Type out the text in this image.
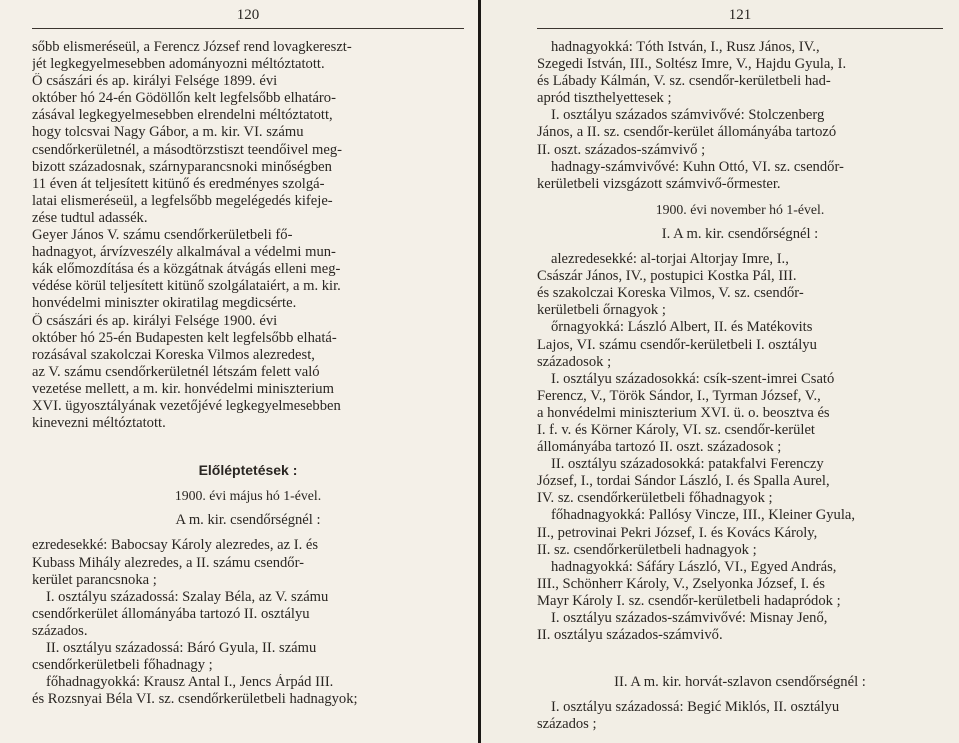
120
sőbb elismeréseül, a Ferencz József rend lovagkereszt-
jét legkegyelmesebben adományozni méltóztatott.
Ő császári és ap. királyi Felsége 1899. évi
október hó 24-én Gödöllőn kelt legfelsőbb elhatáro-
zásával legkegyelmesebben elrendelni méltóztatott,
hogy tolcsvai Nagy Gábor, a m. kir. VI. számu
csendőrkerületnél, a másodtörzstiszt teendőivel meg-
bizott századosnak, szárnyparancsnoki minőségben
11 éven át teljesített kitünő és eredményes szolgá-
latai elismeréseül, a legfelsőbb megelégedés kifeje-
zése tudtul adassék.
Geyer János V. számu csendőrkerületbeli fő-
hadnagyot, árvízveszély alkalmával a védelmi mun-
kák előmozdítása és a közgátnak átvágás elleni meg-
védése körül teljesített kitünő szolgálataiért, a m. kir.
honvédelmi miniszter okiratilag megdicsérte.
Ő császári és ap. királyi Felsége 1900. évi
október hó 25-én Budapesten kelt legfelsőbb elhatá-
rozásával szakolczai Koreska Vilmos alezredest,
az V. számu csendőrkerületnél létszám felett való
vezetése mellett, a m. kir. honvédelmi miniszterium
XVI. ügyosztályának vezetőjévé legkegyelmesebben
kinevezni méltóztatott.
Előléptetések :
1900. évi május hó 1-ével.
A m. kir. csendőrségnél :
ezredesekké: Babocsay Károly alezredes, az I. és
Kubass Mihály alezredes, a II. számu csendőr-
kerület parancsnoka ;
I. osztályu századossá: Szalay Béla, az V. számu
csendőrkerület állományába tartozó II. osztályu
százados.
II. osztályu századossá: Báró Gyula, II. számu
csendőrkerületbeli főhadnagy ;
főhadnagyokká: Krausz Antal I., Jencs Árpád III.
és Rozsnyai Béla VI. sz. csendőrkerületbeli hadnagyok;
121
hadnagyokká: Tóth István, I., Rusz János, IV.,
Szegedi István, III., Soltész Imre, V., Hajdu Gyula, I.
és Lábady Kálmán, V. sz. csendőr-kerületbeli had-
apród tiszthelyettesek ;
I. osztályu százados számvivővé: Stolczenberg
János, a II. sz. csendőr-kerület állományába tartozó
II. oszt. százados-számvivő ;
hadnagy-számvivővé: Kuhn Ottó, VI. sz. csendőr-
kerületbeli vizsgázott számvivő-őrmester.
1900. évi november hó 1-ével.
I. A m. kir. csendőrségnél :
alezredesekké: al-torjai Altorjay Imre, I.,
Császár János, IV., postupici Kostka Pál, III.
és szakolczai Koreska Vilmos, V. sz. csendőr-
kerületbeli őrnagyok ;
őrnagyokká: László Albert, II. és Matékovits
Lajos, VI. számu csendőr-kerületbeli I. osztályu
századosok ;
I. osztályu századosokká: csík-szent-imrei Csató
Ferencz, V., Török Sándor, I., Tyrman József, V.,
a honvédelmi miniszterium XVI. ü. o. beosztva és
I. f. v. és Körner Károly, VI. sz. csendőr-kerület
állományába tartozó II. oszt. századosok ;
II. osztályu századosokká: patakfalvi Ferenczy
József, I., tordai Sándor László, I. és Spalla Aurel,
IV. sz. csendőrkerületbeli főhadnagyok ;
főhadnagyokká: Pallósy Vincze, III., Kleiner Gyula,
II., petrovinai Pekri József, I. és Kovács Károly,
II. sz. csendőrkerületbeli hadnagyok ;
hadnagyokká: Sáfáry László, VI., Egyed András,
III., Schönherr Károly, V., Zselyonka József, I. és
Mayr Károly I. sz. csendőr-kerületbeli hadapródok ;
I. osztályu százados-számvivővé: Misnay Jenő,
II. osztályu százados-számvivő.
II. A m. kir. horvát-szlavon csendőrségnél :
I. osztályu századossá: Begić Miklós, II. osztályu
százados ;
